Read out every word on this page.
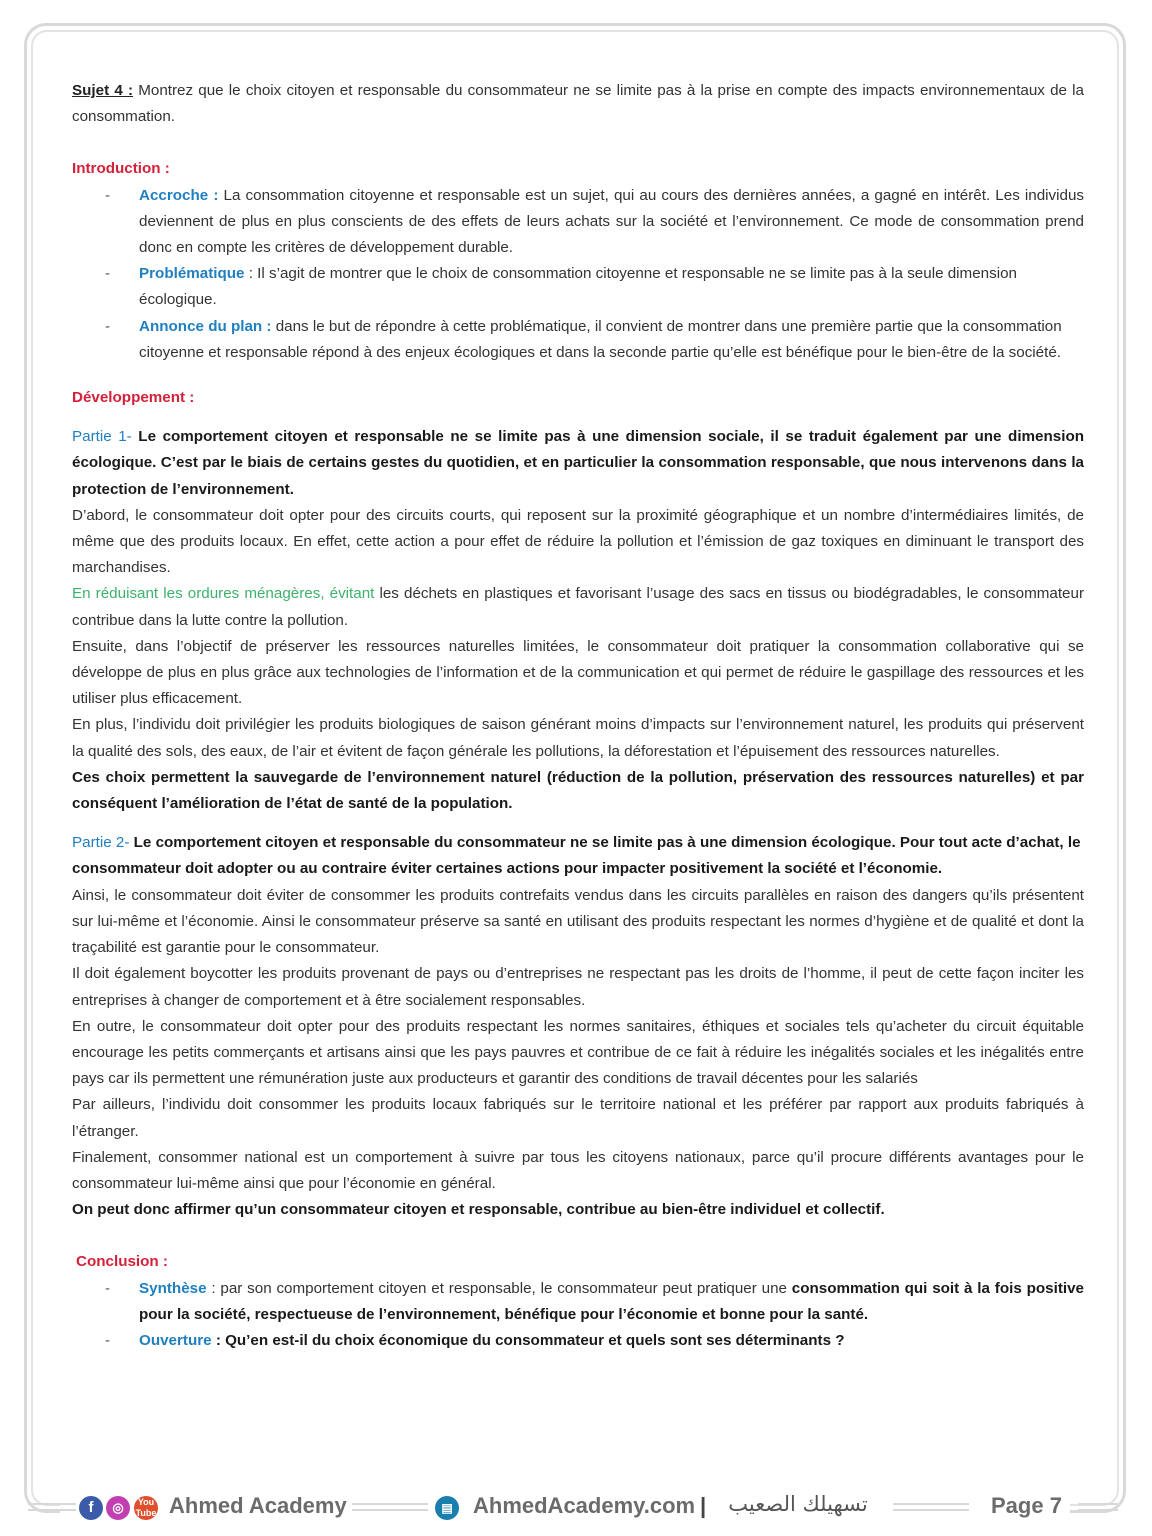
Sujet 4 : Montrez que le choix citoyen et responsable du consommateur ne se limite pas à la prise en compte des impacts environnementaux de la consommation.

Introduction :

- Accroche : La consommation citoyenne et responsable est un sujet, qui au cours des dernières années, a gagné en intérêt. Les individus deviennent de plus en plus conscients de des effets de leurs achats sur la société et l’environnement. Ce mode de consommation prend donc en compte les critères de développement durable.
- Problématique : Il s’agit de montrer que le choix de consommation citoyenne et responsable ne se limite pas à la seule dimension écologique.
- Annonce du plan : dans le but de répondre à cette problématique, il convient de montrer dans une première partie que la consommation citoyenne et responsable répond à des enjeux écologiques et dans la seconde partie qu’elle est bénéfique pour le bien-être de la société.

Développement :

Partie 1- Le comportement citoyen et responsable ne se limite pas à une dimension sociale, il se traduit également par une dimension écologique. C’est par le biais de certains gestes du quotidien, et en particulier la consommation responsable, que nous intervenons dans la protection de l’environnement.

D’abord, le consommateur doit opter pour des circuits courts, qui reposent sur la proximité géographique et un nombre d’intermédiaires limités, de même que des produits locaux. En effet, cette action a pour effet de réduire la pollution et l’émission de gaz toxiques en diminuant le transport des marchandises.

En réduisant les ordures ménagères, évitant les déchets en plastiques et favorisant l’usage des sacs en tissus ou biodégradables, le consommateur contribue dans la lutte contre la pollution.

Ensuite, dans l’objectif de préserver les ressources naturelles limitées, le consommateur doit pratiquer la consommation collaborative qui se développe de plus en plus grâce aux technologies de l’information et de la communication et qui permet de réduire le gaspillage des ressources et les utiliser plus efficacement.

En plus, l’individu doit privilégier les produits biologiques de saison générant moins d’impacts sur l’environnement naturel, les produits qui préservent la qualité des sols, des eaux, de l’air et évitent de façon générale les pollutions, la déforestation et l’épuisement des ressources naturelles.

Ces choix permettent la sauvegarde de l’environnement naturel (réduction de la pollution, préservation des ressources naturelles) et par conséquent l’amélioration de l’état de santé de la population.

Partie 2- Le comportement citoyen et responsable du consommateur ne se limite pas à une dimension écologique. Pour tout acte d’achat, le consommateur doit adopter ou au contraire éviter certaines actions pour impacter positivement la société et l’économie.

Ainsi, le consommateur doit éviter de consommer les produits contrefaits vendus dans les circuits parallèles en raison des dangers qu’ils présentent sur lui-même et l’économie. Ainsi le consommateur préserve sa santé en utilisant des produits respectant les normes d’hygiène et de qualité et dont la traçabilité est garantie pour le consommateur.

Il doit également boycotter les produits provenant de pays ou d’entreprises ne respectant pas les droits de l’homme, il peut de cette façon inciter les entreprises à changer de comportement et à être socialement responsables.

En outre, le consommateur doit opter pour des produits respectant les normes sanitaires, éthiques et sociales tels qu’acheter du circuit équitable encourage les petits commerçants et artisans ainsi que les pays pauvres et contribue de ce fait à réduire les inégalités sociales et les inégalités entre pays car ils permettent une rémunération juste aux producteurs et garantir des conditions de travail décentes pour les salariés

Par ailleurs, l’individu doit consommer les produits locaux fabriqués sur le territoire national et les préférer par rapport aux produits fabriqués à l’étranger.

Finalement, consommer national est un comportement à suivre par tous les citoyens nationaux, parce qu’il procure différents avantages pour le consommateur lui-même ainsi que pour l’économie en général.

On peut donc affirmer qu’un consommateur citoyen et responsable, contribue au bien-être individuel et collectif.

Conclusion :

- Synthèse : par son comportement citoyen et responsable, le consommateur peut pratiquer une consommation qui soit à la fois positive pour la société, respectueuse de l’environnement, bénéfique pour l’économie et bonne pour la santé.
- Ouverture : Qu’en est-il du choix économique du consommateur et quels sont ses déterminants ?
f	◎	You
Tube Ahmed Academy	▤ AhmedAcademy.com |	تسهيلك الصعيب	Page 7
